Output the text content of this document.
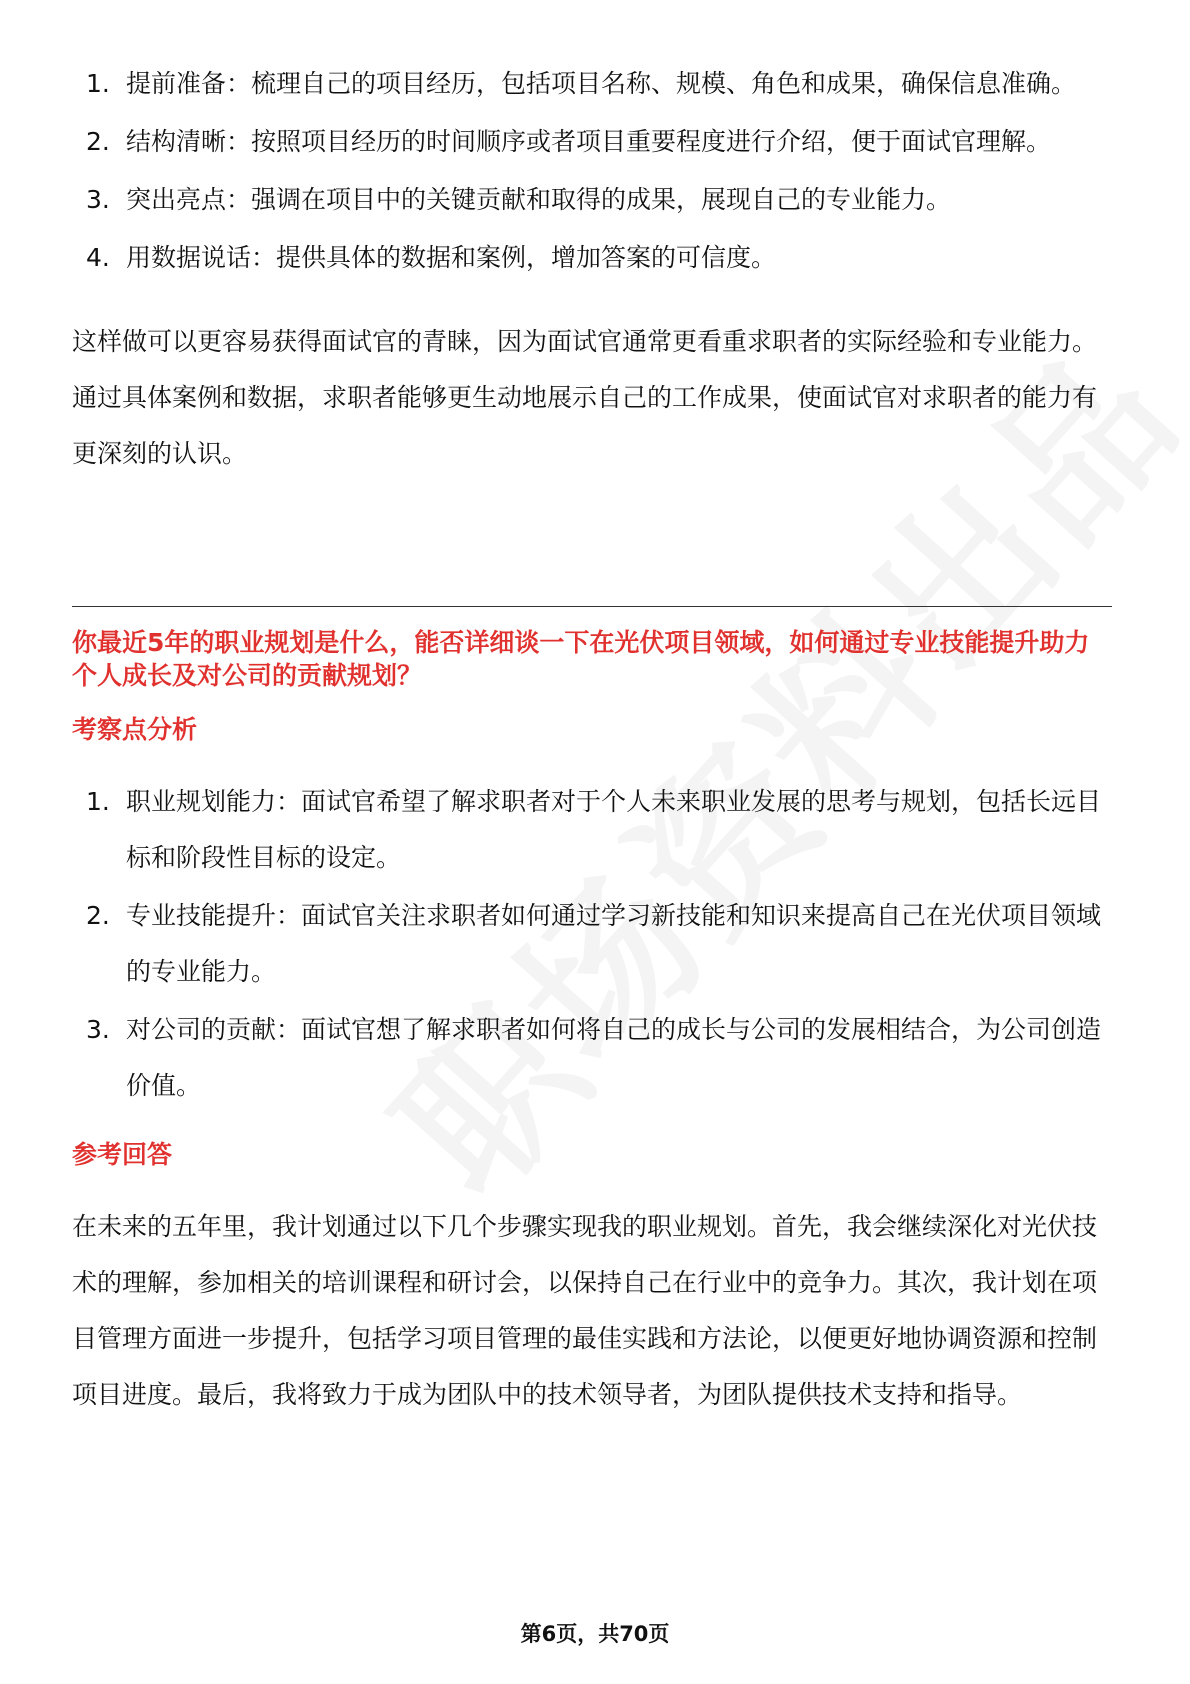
1. 提前准备：梳理自己的项目经历，包括项目名称、规模、角色和成果，确保信息准确。
2. 结构清晰：按照项目经历的时间顺序或者项目重要程度进行介绍，便于面试官理解。
3. 突出亮点：强调在项目中的关键贡献和取得的成果，展现自己的专业能力。
4. 用数据说话：提供具体的数据和案例，增加答案的可信度。

这样做可以更容易获得面试官的青睐，因为面试官通常更看重求职者的实际经验和专业能力。通过具体案例和数据，求职者能够更生动地展示自己的工作成果，使面试官对求职者的能力有更深刻的认识。

你最近5年的职业规划是什么，能否详细谈一下在光伏项目领域，如何通过专业技能提升助力个人成长及对公司的贡献规划？

考察点分析

1. 职业规划能力：面试官希望了解求职者对于个人未来职业发展的思考与规划，包括长远目标和阶段性目标的设定。
2. 专业技能提升：面试官关注求职者如何通过学习新技能和知识来提高自己在光伏项目领域的专业能力。
3. 对公司的贡献：面试官想了解求职者如何将自己的成长与公司的发展相结合，为公司创造价值。

参考回答

在未来的五年里，我计划通过以下几个步骤实现我的职业规划。首先，我会继续深化对光伏技术的理解，参加相关的培训课程和研讨会，以保持自己在行业中的竞争力。其次，我计划在项目管理方面进一步提升，包括学习项目管理的最佳实践和方法论，以便更好地协调资源和控制项目进度。最后，我将致力于成为团队中的技术领导者，为团队提供技术支持和指导。

第6页，共70页
